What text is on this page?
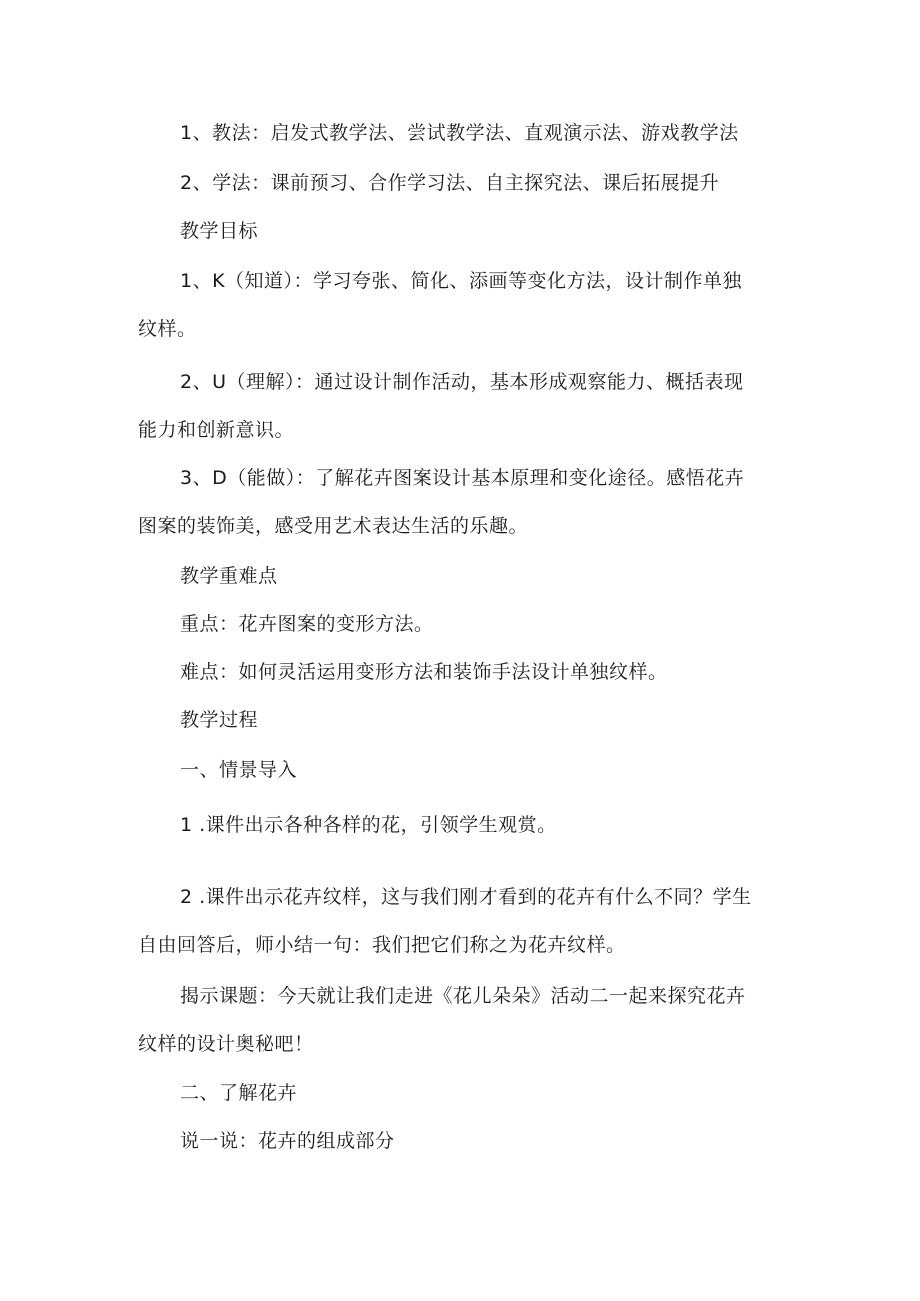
1、教法：启发式教学法、尝试教学法、直观演示法、游戏教学法
2、学法：课前预习、合作学习法、自主探究法、课后拓展提升
教学目标
1、K（知道）：学习夸张、简化、添画等变化方法，设计制作单独
纹样。
2、U（理解）：通过设计制作活动，基本形成观察能力、概括表现
能力和创新意识。
3、D（能做）：了解花卉图案设计基本原理和变化途径。感悟花卉
图案的装饰美，感受用艺术表达生活的乐趣。
教学重难点
重点：花卉图案的变形方法。
难点：如何灵活运用变形方法和装饰手法设计单独纹样。
教学过程
一、情景导入
1 .课件出示各种各样的花，引领学生观赏。
2 .课件出示花卉纹样，这与我们刚才看到的花卉有什么不同？学生
自由回答后，师小结一句：我们把它们称之为花卉纹样。
揭示课题：今天就让我们走进《花儿朵朵》活动二一起来探究花卉
纹样的设计奥秘吧！
二、了解花卉
说一说：花卉的组成部分
